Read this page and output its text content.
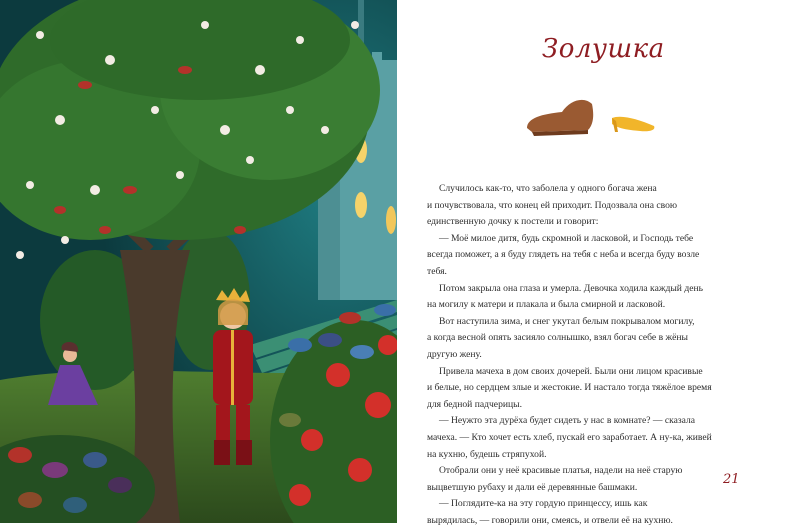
Золушка

Случилось как-то, что заболела у одного богача жена
и почувствовала, что конец ей приходит. Подозвала она свою
единственную дочку к постели и говорит:

— Моё милое дитя, будь скромной и ласковой, и Господь тебе
всегда поможет, а я буду глядеть на тебя с неба и всегда буду возле
тебя.

Потом закрыла она глаза и умерла. Девочка ходила каждый день
на могилу к матери и плакала и была смирной и ласковой.

Вот наступила зима, и снег укутал белым покрывалом могилу,
а когда весной опять засияло солнышко, взял богач себе в жёны
другую жену.

Привела мачеха в дом своих дочерей. Были они лицом красивые
и белые, но сердцем злые и жестокие. И настало тогда тяжёлое время
для бедной падчерицы.

— Неужто эта дурёха будет сидеть у нас в комнате? — сказала
мачеха. — Кто хочет есть хлеб, пускай его заработает. А ну-ка, живей
на кухню, будешь стряпухой.

Отобрали они у неё красивые платья, надели на неё старую
выцветшую рубаху и дали её деревянные башмаки.

— Поглядите-ка на эту гордую принцессу, ишь как
вырядилась, — говорили они, смеясь, и отвели её на кухню.

21
